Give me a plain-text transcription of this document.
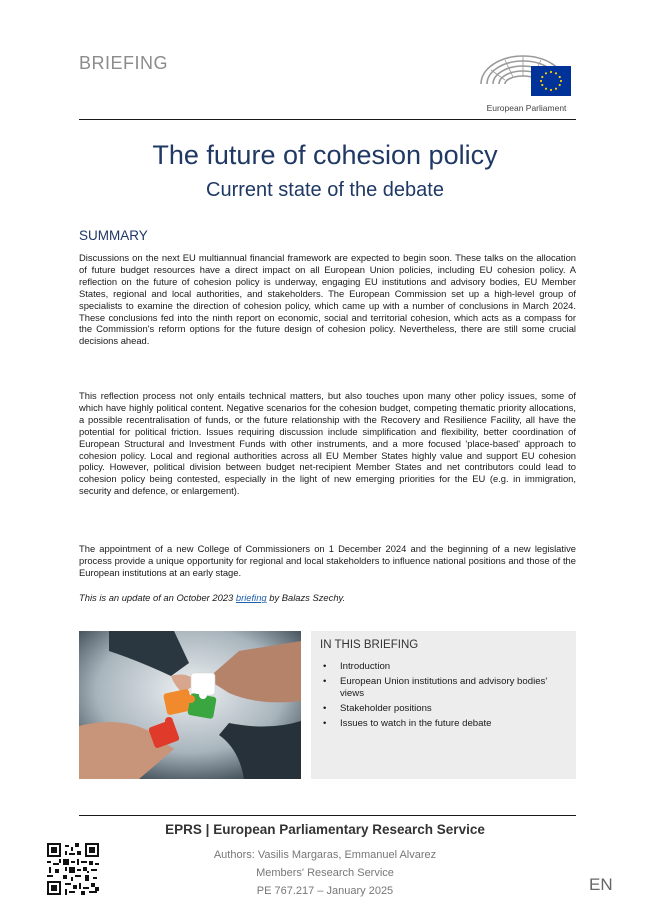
BRIEFING
European Parliament
The future of cohesion policy
Current state of the debate
SUMMARY
Discussions on the next EU multiannual financial framework are expected to begin soon. These talks on the allocation of future budget resources have a direct impact on all European Union policies, including EU cohesion policy. A reflection on the future of cohesion policy is underway, engaging EU institutions and advisory bodies, EU Member States, regional and local authorities, and stakeholders. The European Commission set up a high-level group of specialists to examine the direction of cohesion policy, which came up with a number of conclusions in March 2024. These conclusions fed into the ninth report on economic, social and territorial cohesion, which acts as a compass for the Commission's reform options for the future design of cohesion policy. Nevertheless, there are still some crucial decisions ahead.
This reflection process not only entails technical matters, but also touches upon many other policy issues, some of which have highly political content. Negative scenarios for the cohesion budget, competing thematic priority allocations, a possible recentralisation of funds, or the future relationship with the Recovery and Resilience Facility, all have the potential for political friction. Issues requiring discussion include simplification and flexibility, better coordination of European Structural and Investment Funds with other instruments, and a more focused 'place-based' approach to cohesion policy. Local and regional authorities across all EU Member States highly value and support EU cohesion policy. However, political division between budget net-recipient Member States and net contributors could lead to cohesion policy being contested, especially in the light of new emerging priorities for the EU (e.g. in immigration, security and defence, or enlargement).
The appointment of a new College of Commissioners on 1 December 2024 and the beginning of a new legislative process provide a unique opportunity for regional and local stakeholders to influence national positions and those of the European institutions at an early stage.
This is an update of an October 2023 briefing by Balazs Szechy.
IN THIS BRIEFING
• Introduction
• European Union institutions and advisory bodies' views
• Stakeholder positions
• Issues to watch in the future debate
EPRS | European Parliamentary Research Service
Authors: Vasilis Margaras, Emmanuel Alvarez
Members' Research Service
PE 767.217 – January 2025	EN
